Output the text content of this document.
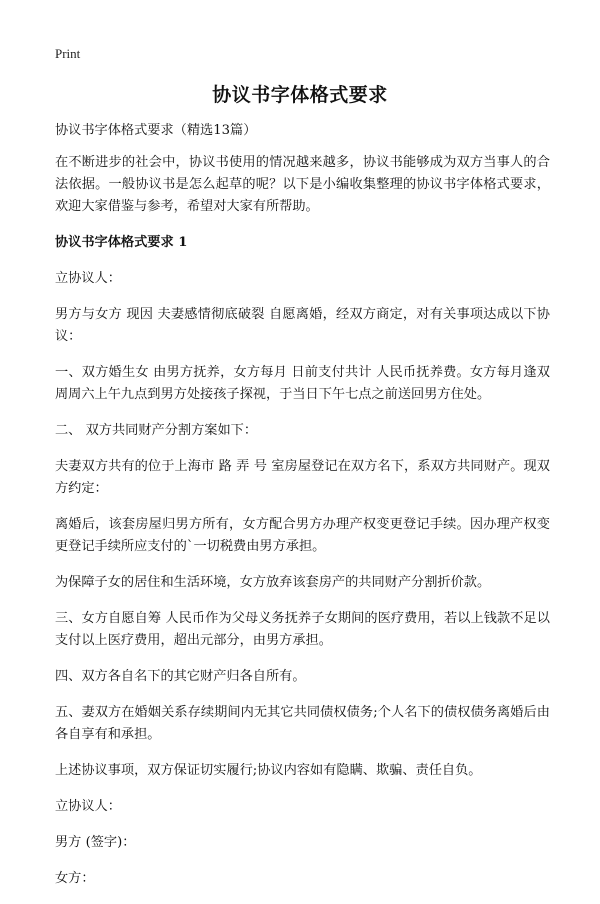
Print
协议书字体格式要求

协议书字体格式要求（精选13篇）

在不断进步的社会中，协议书使用的情况越来越多，协议书能够成为双方当事人的合法依据。一般协议书是怎么起草的呢？以下是小编收集整理的协议书字体格式要求，欢迎大家借鉴与参考，希望对大家有所帮助。

协议书字体格式要求 1

立协议人：

男方与女方 现因 夫妻感情彻底破裂 自愿离婚，经双方商定，对有关事项达成以下协议：

一、双方婚生女 由男方抚养，女方每月 日前支付共计 人民币抚养费。女方每月逢双周周六上午九点到男方处接孩子探视，于当日下午七点之前送回男方住处。

二、 双方共同财产分割方案如下：

夫妻双方共有的位于上海市 路 弄 号 室房屋登记在双方名下，系双方共同财产。现双方约定：

离婚后，该套房屋归男方所有，女方配合男方办理产权变更登记手续。因办理产权变更登记手续所应支付的`一切税费由男方承担。

为保障子女的居住和生活环境，女方放弃该套房产的共同财产分割折价款。

三、女方自愿自筹 人民币作为父母义务抚养子女期间的医疗费用，若以上钱款不足以支付以上医疗费用，超出元部分，由男方承担。

四、双方各自名下的其它财产归各自所有。

五、妻双方在婚姻关系存续期间内无其它共同债权债务;个人名下的债权债务离婚后由各自享有和承担。

上述协议事项，双方保证切实履行;协议内容如有隐瞒、欺骗、责任自负。

立协议人：

男方 (签字)：

女方：
